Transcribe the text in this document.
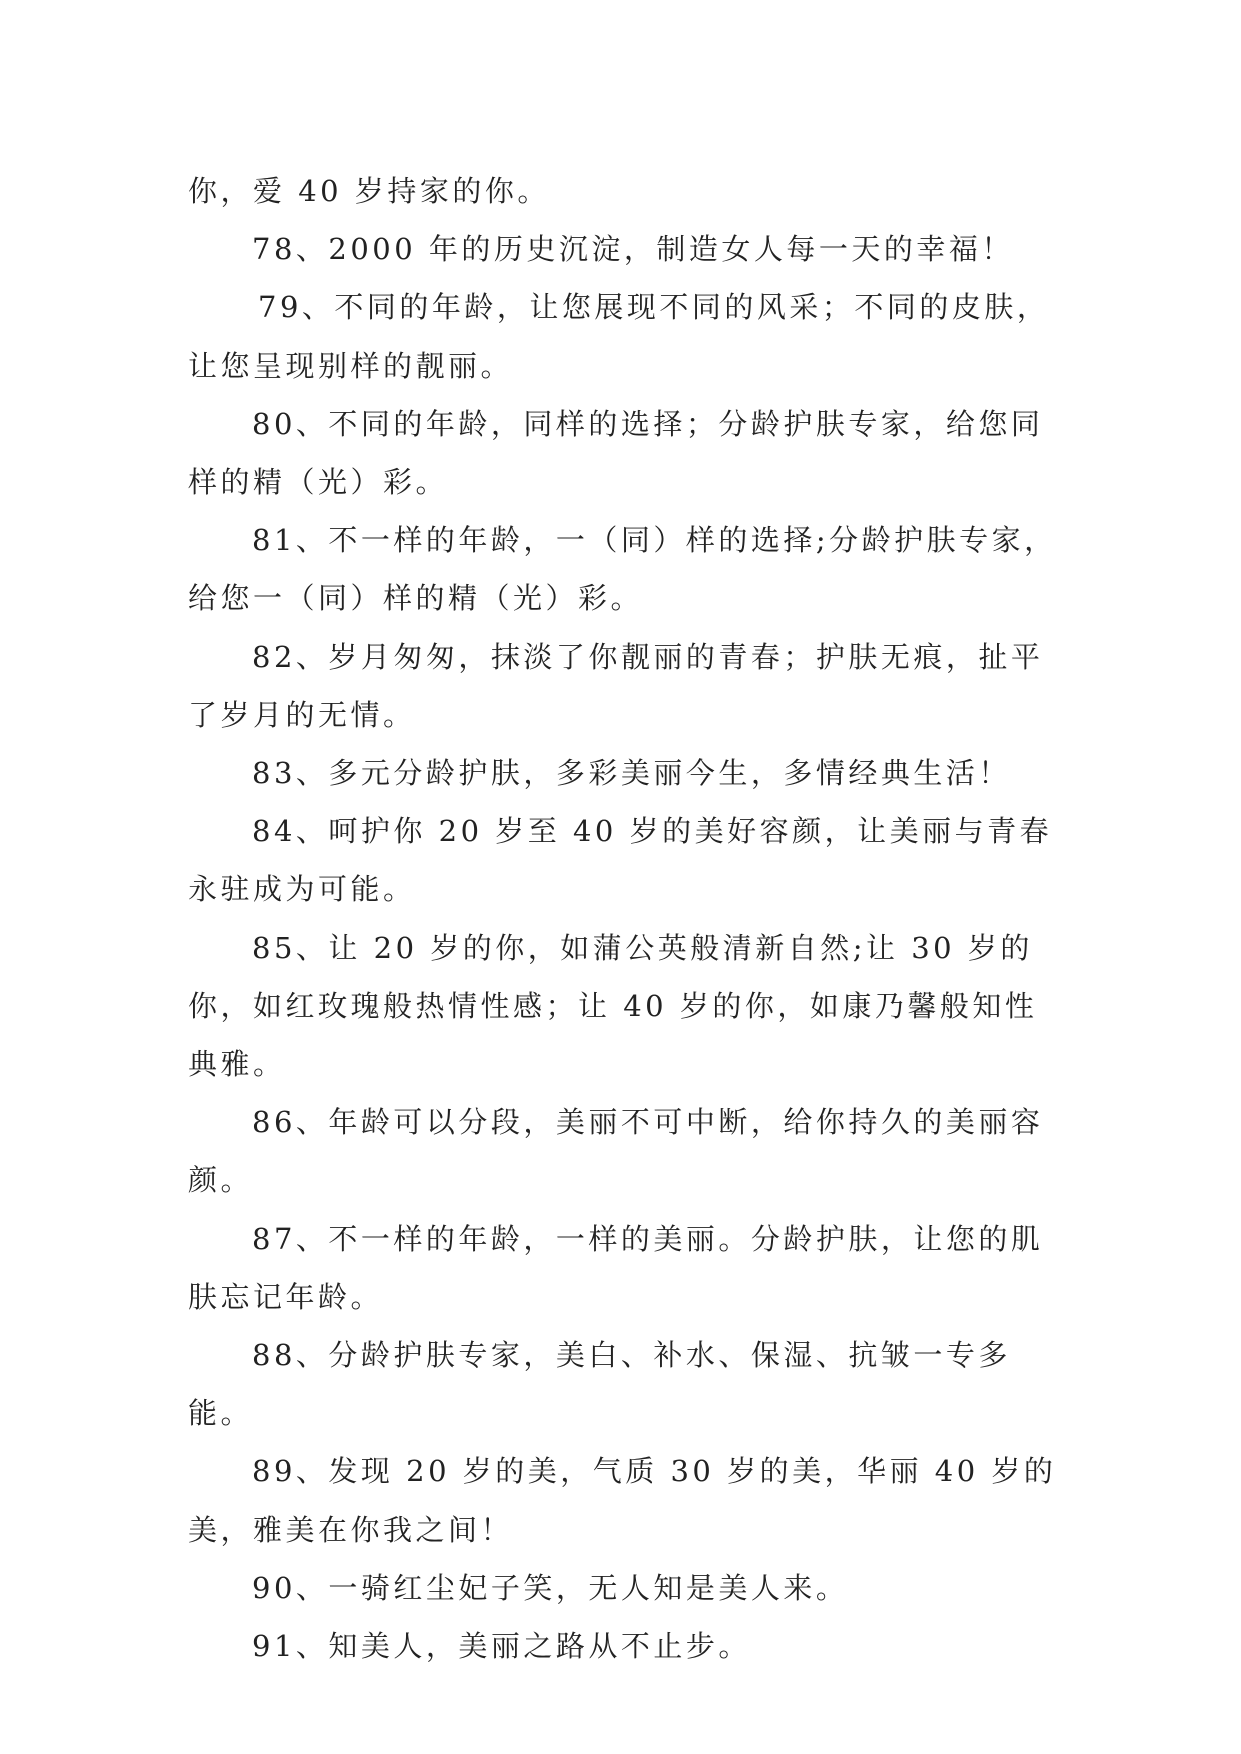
你，爱 40 岁持家的你。

78、2000 年的历史沉淀，制造女人每一天的幸福！

79、不同的年龄，让您展现不同的风采；不同的皮肤，让您呈现别样的靓丽。

80、不同的年龄，同样的选择；分龄护肤专家，给您同样的精（光）彩。

81、不一样的年龄，一（同）样的选择;分龄护肤专家，给您一（同）样的精（光）彩。

82、岁月匆匆，抹淡了你靓丽的青春；护肤无痕，扯平了岁月的无情。

83、多元分龄护肤，多彩美丽今生，多情经典生活！

84、呵护你 20 岁至 40 岁的美好容颜，让美丽与青春永驻成为可能。

85、让 20 岁的你，如蒲公英般清新自然;让 30 岁的你，如红玫瑰般热情性感；让 40 岁的你，如康乃馨般知性典雅。

86、年龄可以分段，美丽不可中断，给你持久的美丽容颜。

87、不一样的年龄，一样的美丽。分龄护肤，让您的肌肤忘记年龄。

88、分龄护肤专家，美白、补水、保湿、抗皱一专多能。

89、发现 20 岁的美，气质 30 岁的美，华丽 40 岁的美，雅美在你我之间！

90、一骑红尘妃子笑，无人知是美人来。

91、知美人，美丽之路从不止步。
